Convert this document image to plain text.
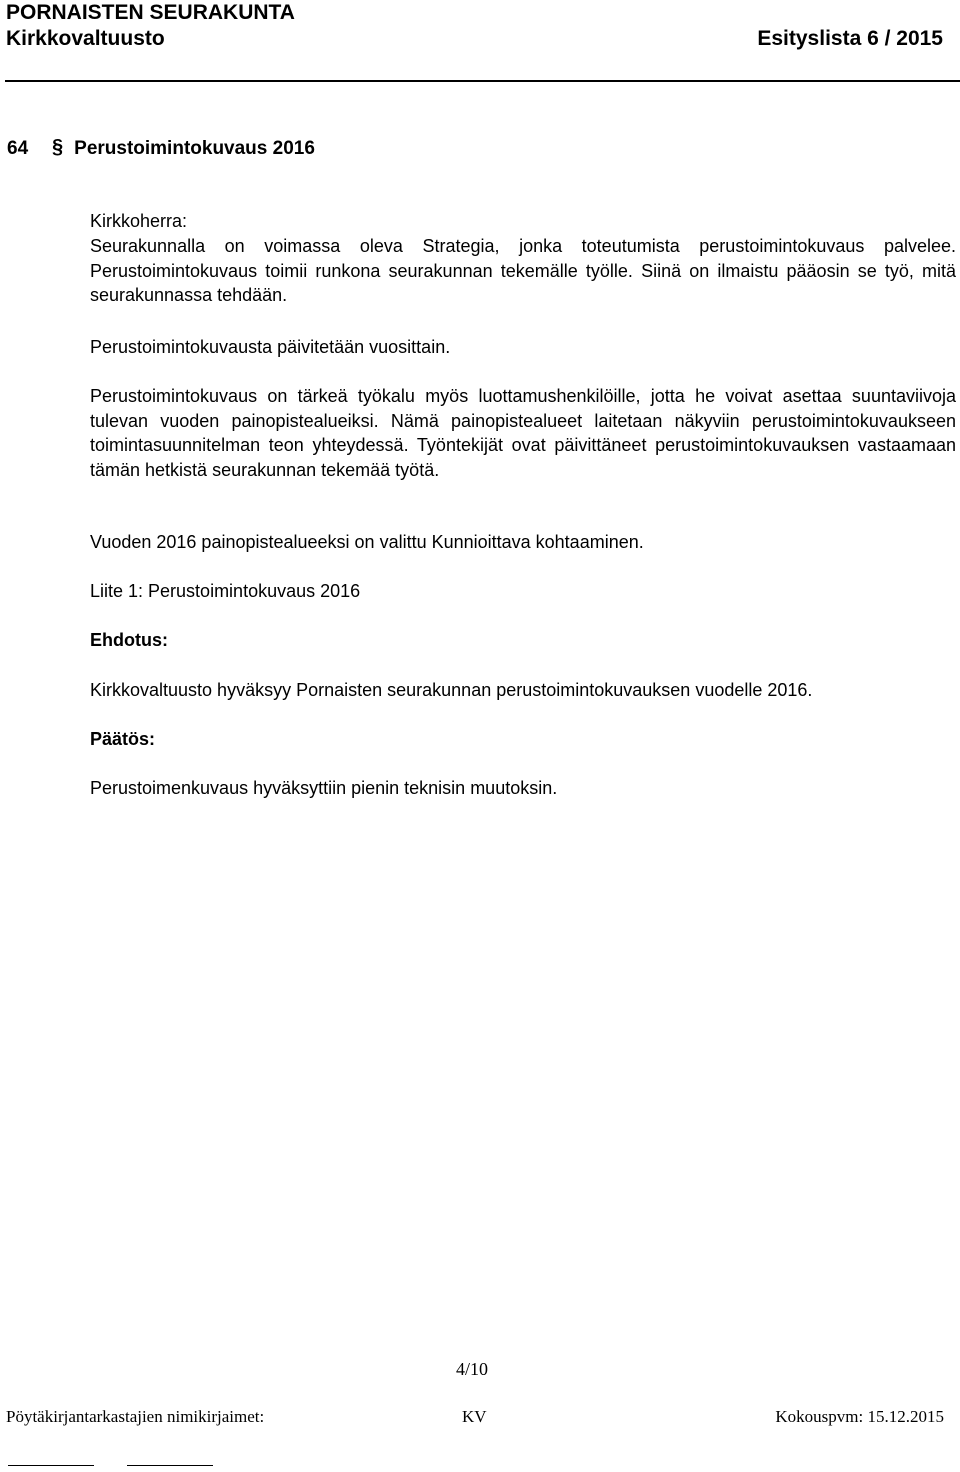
PORNAISTEN SEURAKUNTA
Kirkkovaltuusto	Esityslista 6 / 2015
64 § Perustoimintokuvaus 2016
Kirkkoherra:

Seurakunnalla on voimassa oleva Strategia, jonka toteutumista perustoimintokuvaus palvelee. Perustoimintokuvaus toimii runkona seurakunnan tekemälle työlle. Siinä on ilmaistu pääosin se työ, mitä seurakunnassa tehdään.

Perustoimintokuvausta päivitetään vuosittain.

Perustoimintokuvaus on tärkeä työkalu myös luottamushenkilöille, jotta he voivat asettaa suuntaviivoja tulevan vuoden painopistealueiksi. Nämä painopistealueet laitetaan näkyviin perustoimintokuvaukseen toimintasuunnitelman teon yhteydessä. Työntekijät ovat päivittäneet perustoimintokuvauksen vastaamaan tämän hetkistä seurakunnan tekemää työtä.

Vuoden 2016 painopistealueeksi on valittu Kunnioittava kohtaaminen.
Liite 1: Perustoimintokuvaus 2016
Ehdotus:
Kirkkovaltuusto hyväksyy Pornaisten seurakunnan perustoimintokuvauksen vuodelle 2016.
Päätös:
Perustoimenkuvaus hyväksyttiin pienin teknisin muutoksin.
4/10
Pöytäkirjantarkastajien nimikirjaimet:	KV	Kokouspvm: 15.12.2015
